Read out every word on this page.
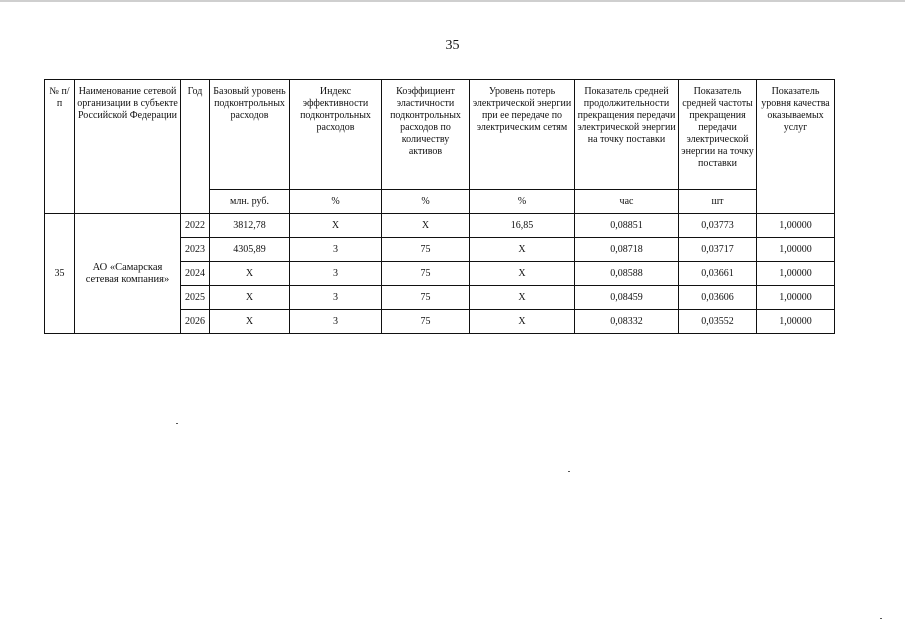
35
№ п/п	Наименование сетевой организации в субъекте Российской Федерации	Год	Базовый уровень подконтрольных расходов	Индекс эффективности подконтрольных расходов	Коэффициент эластичности подконтрольных расходов по количеству активов	Уровень потерь электрической энергии при ее передаче по электрическим сетям	Показатель средней продолжительности прекращения передачи электрической энергии на точку поставки	Показатель средней частоты прекращения передачи электрической энергии на точку поставки	Показатель уровня качества оказываемых услуг
			млн. руб.	%	%	%	час	шт	
35	АО «Самарская сетевая компания»	2022	3812,78	Х	Х	16,85	0,08851	0,03773	1,00000
		2023	4305,89	3	75	Х	0,08718	0,03717	1,00000
		2024	Х	3	75	Х	0,08588	0,03661	1,00000
		2025	Х	3	75	Х	0,08459	0,03606	1,00000
		2026	Х	3	75	Х	0,08332	0,03552	1,00000
